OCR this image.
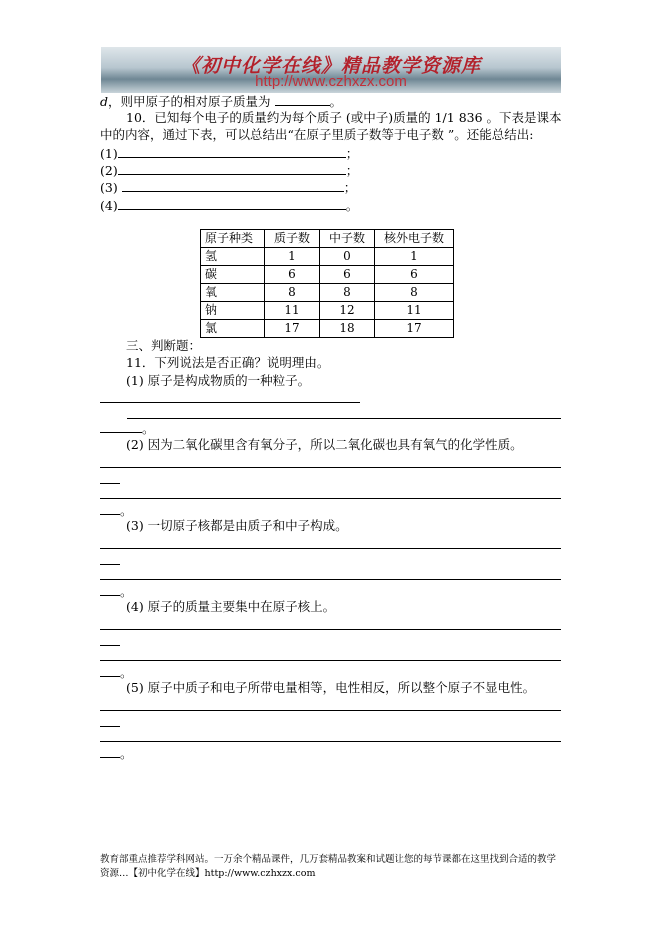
《初中化学在线》精品教学资源库
http://www.czhxzx.com
d，则甲原子的相对原子质量为	。
10．已知每个电子的质量约为每个质子 (或中子)质量的 1/1 836 。下表是课本
中的内容，通过下表，可以总结出“在原子里质子数等于电子数 ”。还能总结出:
(1)	；
(2)	；
(3)	；
(4)	。
原子种类	质子数	中子数	核外电子数
氢	1	0	1
碳	6	6	6
氧	8	8	8
钠	11	12	11
氯	17	18	17
三、判断题：
11．下列说法是否正确？说明理由。
(1) 原子是构成物质的一种粒子。
。
(2) 因为二氧化碳里含有氧分子，所以二氧化碳也具有氧气的化学性质。
。
(3) 一切原子核都是由质子和中子构成。
。
(4) 原子的质量主要集中在原子核上。
。
(5) 原子中质子和电子所带电量相等，电性相反，所以整个原子不显电性。
。
教育部重点推荐学科网站。一万余个精品课件，几万套精品教案和试题让您的每节课都在这里找到合适的教学资源…【初中化学在线】http://www.czhxzx.com
